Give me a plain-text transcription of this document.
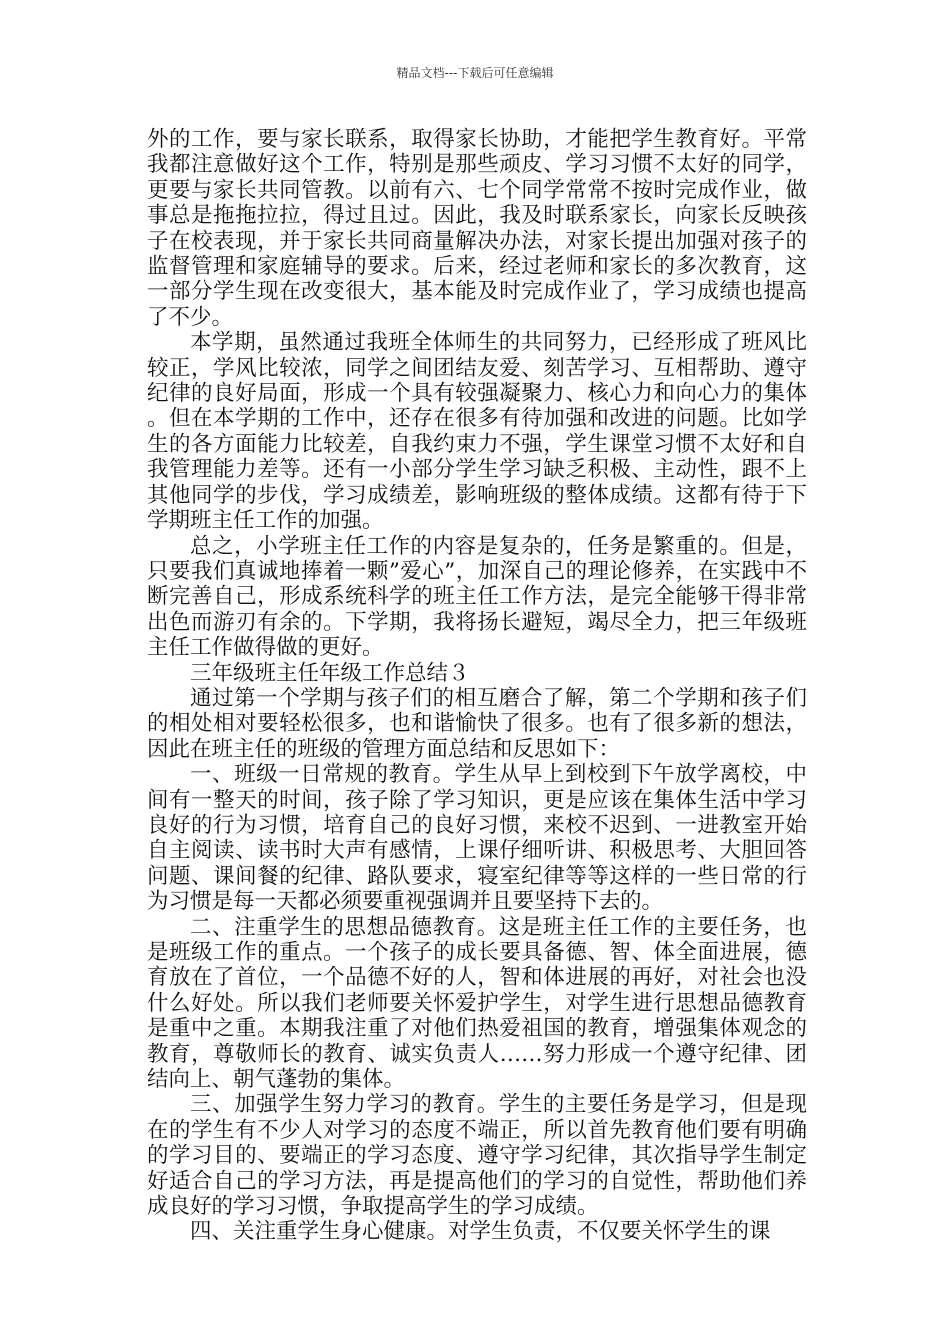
精品文档---下载后可任意编辑

外的工作，要与家长联系，取得家长协助，才能把学生教育好。平常我都注意做好这个工作，特别是那些顽皮、学习习惯不太好的同学，更要与家长共同管教。以前有六、七个同学常常不按时完成作业，做事总是拖拖拉拉，得过且过。因此，我及时联系家长，向家长反映孩子在校表现，并于家长共同商量解决办法，对家长提出加强对孩子的监督管理和家庭辅导的要求。后来，经过老师和家长的多次教育，这一部分学生现在改变很大，基本能及时完成作业了，学习成绩也提高了不少。

本学期，虽然通过我班全体师生的共同努力，已经形成了班风比较正，学风比较浓，同学之间团结友爱、刻苦学习、互相帮助、遵守纪律的良好局面，形成一个具有较强凝聚力、核心力和向心力的集体。但在本学期的工作中，还存在很多有待加强和改进的问题。比如学生的各方面能力比较差，自我约束力不强，学生课堂习惯不太好和自我管理能力差等。还有一小部分学生学习缺乏积极、主动性，跟不上其他同学的步伐，学习成绩差，影响班级的整体成绩。这都有待于下学期班主任工作的加强。

总之，小学班主任工作的内容是复杂的，任务是繁重的。但是，只要我们真诚地捧着一颗”爱心”，加深自己的理论修养，在实践中不断完善自己，形成系统科学的班主任工作方法，是完全能够干得非常出色而游刃有余的。下学期，我将扬长避短，竭尽全力，把三年级班主任工作做得做的更好。

三年级班主任年级工作总结３

通过第一个学期与孩子们的相互磨合了解，第二个学期和孩子们的相处相对要轻松很多，也和谐愉快了很多。也有了很多新的想法，因此在班主任的班级的管理方面总结和反思如下：

一、班级一日常规的教育。学生从早上到校到下午放学离校，中间有一整天的时间，孩子除了学习知识，更是应该在集体生活中学习良好的行为习惯，培育自己的良好习惯，来校不迟到、一进教室开始自主阅读、读书时大声有感情，上课仔细听讲、积极思考、大胆回答问题、课间餐的纪律、路队要求，寝室纪律等等这样的一些日常的行为习惯是每一天都必须要重视强调并且要坚持下去的。

二、注重学生的思想品德教育。这是班主任工作的主要任务，也是班级工作的重点。一个孩子的成长要具备德、智、体全面进展，德育放在了首位，一个品德不好的人，智和体进展的再好，对社会也没什么好处。所以我们老师要关怀爱护学生，对学生进行思想品德教育是重中之重。本期我注重了对他们热爱祖国的教育，增强集体观念的教育，尊敬师长的教育、诚实负责人……努力形成一个遵守纪律、团结向上、朝气蓬勃的集体。

三、加强学生努力学习的教育。学生的主要任务是学习，但是现在的学生有不少人对学习的态度不端正，所以首先教育他们要有明确的学习目的、要端正的学习态度、遵守学习纪律，其次指导学生制定好适合自己的学习方法，再是提高他们的学习的自觉性，帮助他们养成良好的学习习惯，争取提高学生的学习成绩。

四、关注重学生身心健康。对学生负责，不仅要关怀学生的课
